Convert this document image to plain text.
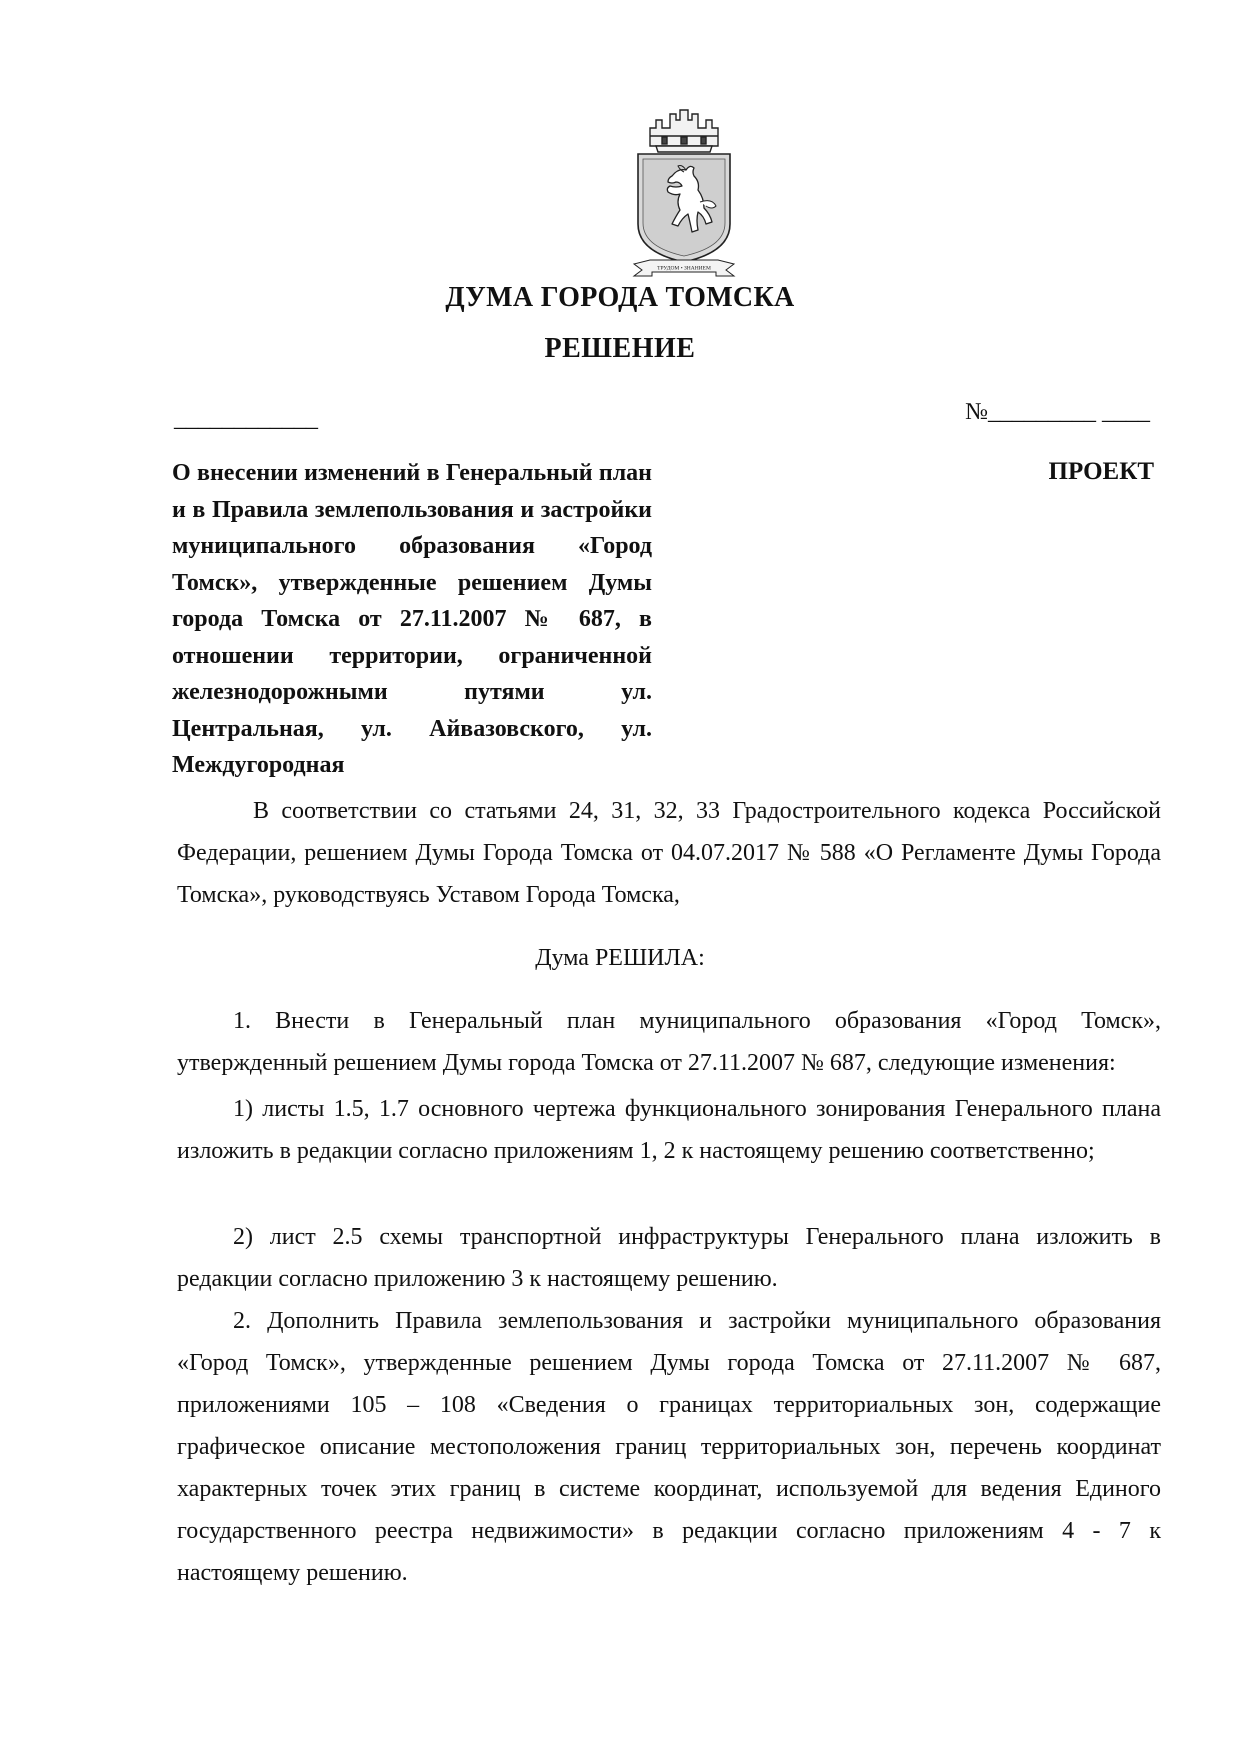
ТРУДОМ • ЗНАНИЕМ
ДУМА ГОРОДА ТОМСКА
РЕШЕНИЕ
____________	№_________ ____
ПРОЕКТ
О внесении изменений в Генеральный план и в Правила землепользования и застройки муниципального образования «Город Томск», утвержденные решением Думы города Томска от 27.11.2007 № 687, в отношении территории, ограниченной железнодорожными путями ул. Центральная, ул. Айвазовского, ул. Междугородная
В соответствии со статьями 24, 31, 32, 33 Градостроительного кодекса Российской Федерации, решением Думы Города Томска от 04.07.2017 № 588 «О Регламенте Думы Города Томска», руководствуясь Уставом Города Томска,
Дума РЕШИЛА:
1. Внести в Генеральный план муниципального образования «Город Томск», утвержденный решением Думы города Томска от 27.11.2007 № 687, следующие изменения:
1) листы 1.5, 1.7 основного чертежа функционального зонирования Генерального плана изложить в редакции согласно приложениям 1, 2 к настоящему решению соответственно;
2) лист 2.5 схемы транспортной инфраструктуры Генерального плана изложить в редакции согласно приложению 3 к настоящему решению.
2. Дополнить Правила землепользования и застройки муниципального образования «Город Томск», утвержденные решением Думы города Томска от 27.11.2007 № 687, приложениями 105 – 108 «Сведения о границах территориальных зон, содержащие графическое описание местоположения границ территориальных зон, перечень координат характерных точек этих границ в системе координат, используемой для ведения Единого государственного реестра недвижимости» в редакции согласно приложениям 4 - 7 к настоящему решению.
